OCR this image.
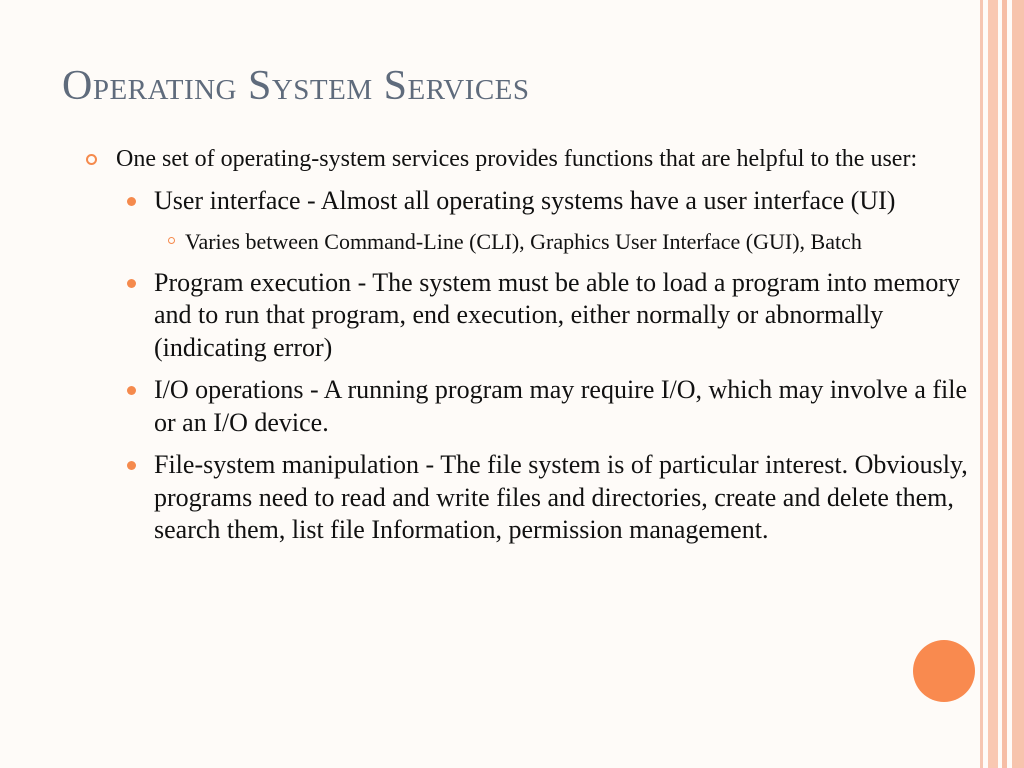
Operating System Services
One set of operating-system services provides functions that are helpful to the user:
User interface - Almost all operating systems have a user interface (UI)
Varies between Command-Line (CLI), Graphics User Interface (GUI), Batch
Program execution - The system must be able to load a program into memory and to run that program, end execution, either normally or abnormally (indicating error)
I/O operations - A running program may require I/O, which may involve a file or an I/O device.
File-system manipulation - The file system is of particular interest. Obviously, programs need to read and write files and directories, create and delete them, search them, list file Information, permission management.
